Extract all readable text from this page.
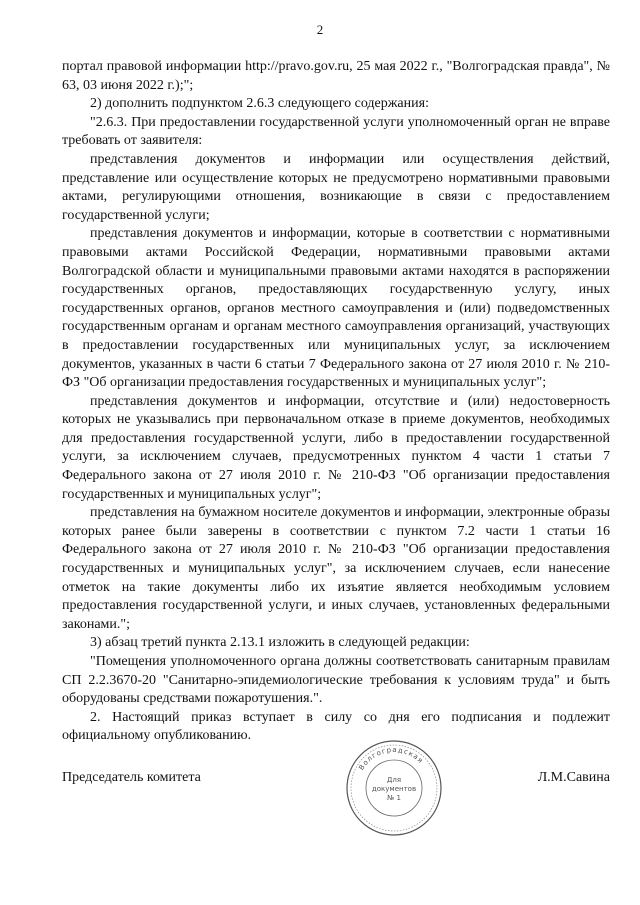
2

портал правовой информации http://pravo.gov.ru, 25 мая 2022 г., "Волгоградская правда", № 63, 03 июня 2022 г.);";

2) дополнить подпунктом 2.6.3 следующего содержания:

"2.6.3. При предоставлении государственной услуги уполномоченный орган не вправе требовать от заявителя:

представления документов и информации или осуществления действий, представление или осуществление которых не предусмотрено нормативными правовыми актами, регулирующими отношения, возникающие в связи с предоставлением государственной услуги;

представления документов и информации, которые в соответствии с нормативными правовыми актами Российской Федерации, нормативными правовыми актами Волгоградской области и муниципальными правовыми актами находятся в распоряжении государственных органов, предоставляющих государственную услугу, иных государственных органов, органов местного самоуправления и (или) подведомственных государственным органам и органам местного самоуправления организаций, участвующих в предоставлении государственных или муниципальных услуг, за исключением документов, указанных в части 6 статьи 7 Федерального закона от 27 июля 2010 г. № 210-ФЗ "Об организации предоставления государственных и муниципальных услуг";

представления документов и информации, отсутствие и (или) недостоверность которых не указывались при первоначальном отказе в приеме документов, необходимых для предоставления государственной услуги, либо в предоставлении государственной услуги, за исключением случаев, предусмотренных пунктом 4 части 1 статьи 7 Федерального закона от 27 июля 2010 г. № 210-ФЗ "Об организации предоставления государственных и муниципальных услуг";

представления на бумажном носителе документов и информации, электронные образы которых ранее были заверены в соответствии с пунктом 7.2 части 1 статьи 16 Федерального закона от 27 июля 2010 г. № 210-ФЗ "Об организации предоставления государственных и муниципальных услуг", за исключением случаев, если нанесение отметок на такие документы либо их изъятие является необходимым условием предоставления государственной услуги, и иных случаев, установленных федеральными законами.";

3) абзац третий пункта 2.13.1 изложить в следующей редакции:

"Помещения уполномоченного органа должны соответствовать санитарным правилам СП 2.2.3670-20 "Санитарно-эпидемиологические требования к условиям труда" и быть оборудованы средствами пожаротушения.".

2. Настоящий приказ вступает в силу со дня его подписания и подлежит официальному опубликованию.

Председатель комитета	Л.М.Савина
Волгоградская
Для
документов
№ 1
